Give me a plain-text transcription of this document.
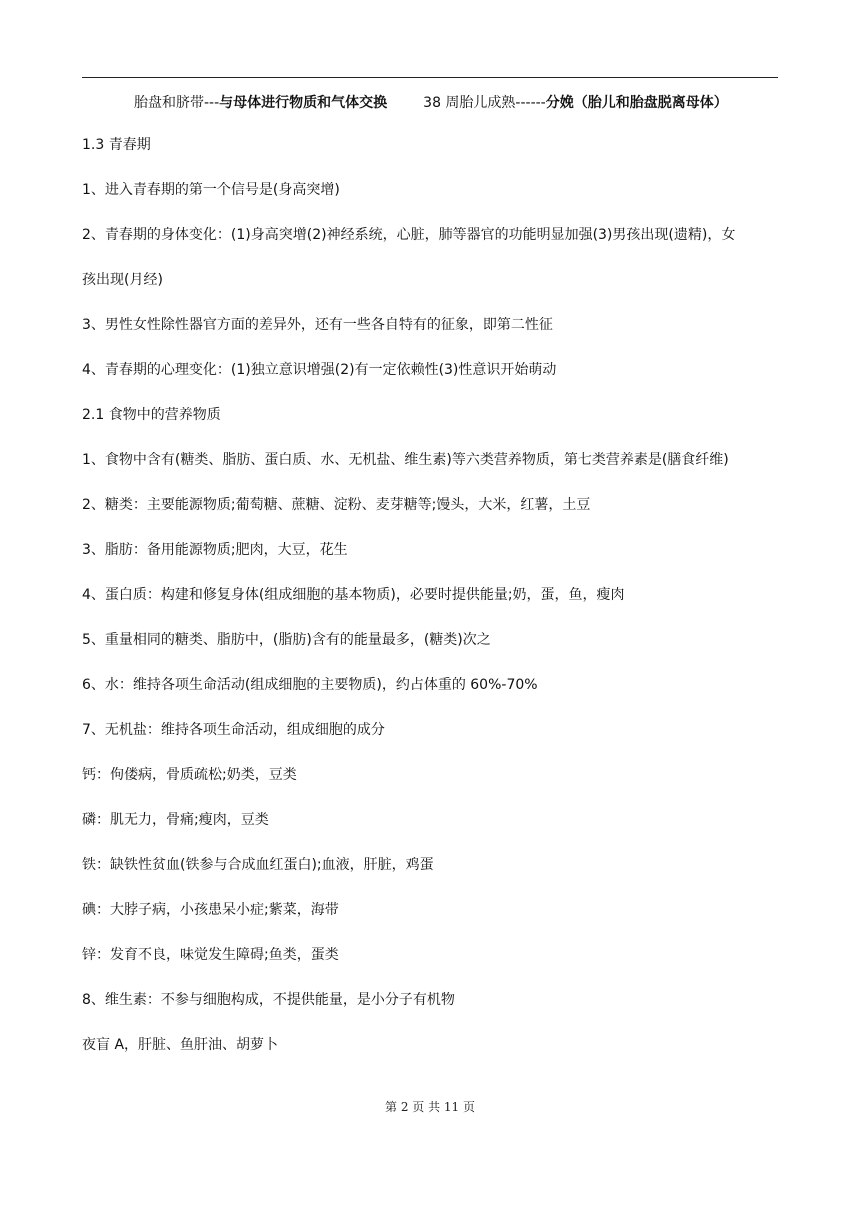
胎盘和脐带---与母体进行物质和气体交换	38 周胎儿成熟------分娩（胎儿和胎盘脱离母体）
1.3 青春期
1、进入青春期的第一个信号是(身高突增)
2、青春期的身体变化：(1)身高突增(2)神经系统，心脏，肺等器官的功能明显加强(3)男孩出现(遗精)，女
孩出现(月经)
3、男性女性除性器官方面的差异外，还有一些各自特有的征象，即第二性征
4、青春期的心理变化：(1)独立意识增强(2)有一定依赖性(3)性意识开始萌动
2.1 食物中的营养物质
1、食物中含有(糖类、脂肪、蛋白质、水、无机盐、维生素)等六类营养物质，第七类营养素是(膳食纤维)
2、糖类：主要能源物质;葡萄糖、蔗糖、淀粉、麦芽糖等;馒头，大米，红薯，土豆
3、脂肪：备用能源物质;肥肉，大豆，花生
4、蛋白质：构建和修复身体(组成细胞的基本物质)，必要时提供能量;奶，蛋，鱼，瘦肉
5、重量相同的糖类、脂肪中，(脂肪)含有的能量最多，(糖类)次之
6、水：维持各项生命活动(组成细胞的主要物质)，约占体重的 60%-70%
7、无机盐：维持各项生命活动，组成细胞的成分
钙：佝偻病，骨质疏松;奶类，豆类
磷：肌无力，骨痛;瘦肉，豆类
铁：缺铁性贫血(铁参与合成血红蛋白);血液，肝脏，鸡蛋
碘：大脖子病，小孩患呆小症;紫菜，海带
锌：发育不良，味觉发生障碍;鱼类，蛋类
8、维生素：不参与细胞构成，不提供能量，是小分子有机物
夜盲 A，肝脏、鱼肝油、胡萝卜
第 2 页 共 11 页
